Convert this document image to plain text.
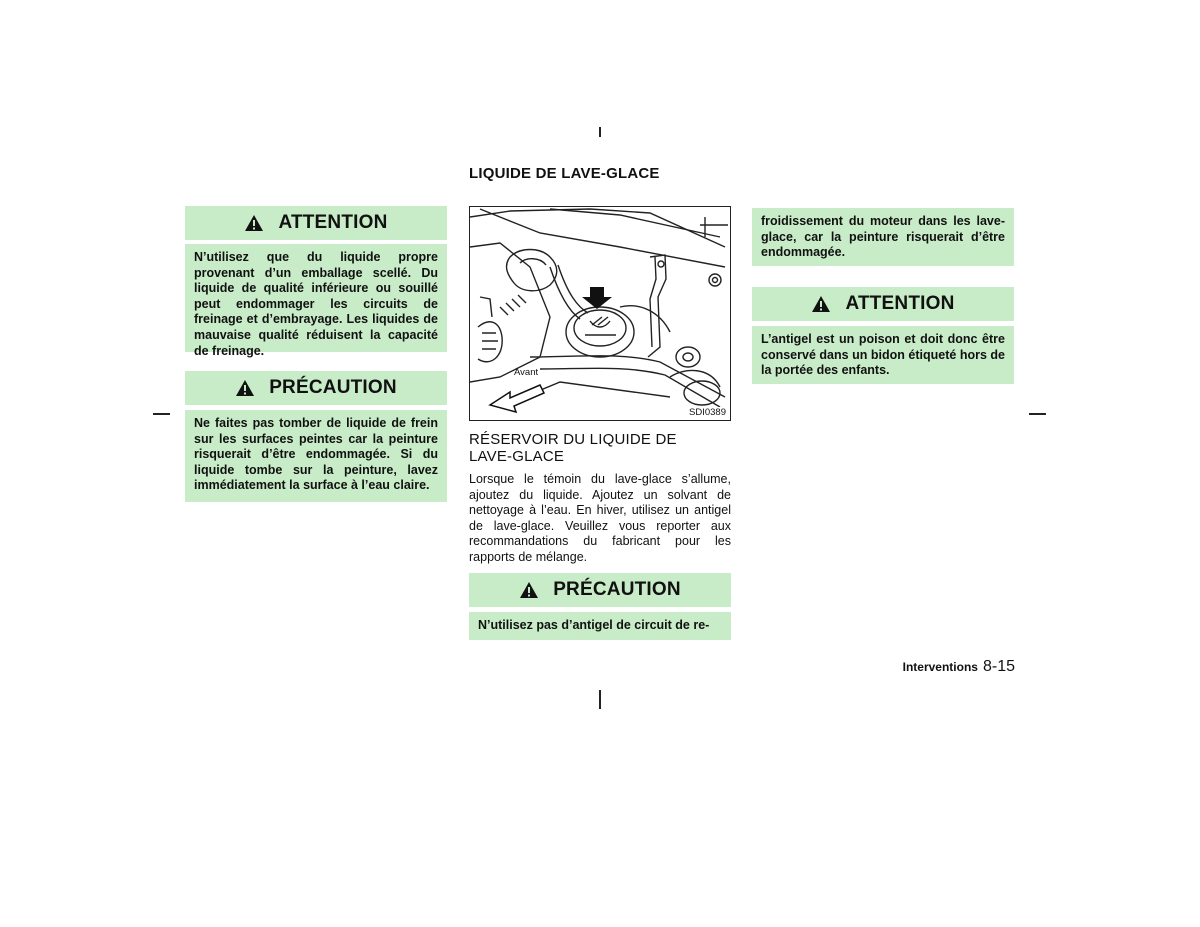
LIQUIDE DE LAVE-GLACE
ATTENTION
N’utilisez que du liquide propre provenant d’un emballage scellé. Du liquide de qualité inférieure ou souillé peut endommager les circuits de freinage et d’embrayage. Les liquides de mauvaise qualité réduisent la capacité de freinage.
PRÉCAUTION
Ne faites pas tomber de liquide de frein sur les surfaces peintes car la peinture risquerait d’être endommagée. Si du liquide tombe sur la peinture, lavez immédiatement la surface à l’eau claire.
Avant
SDI0389
RÉSERVOIR DU LIQUIDE DE
LAVE-GLACE
Lorsque le témoin du lave-glace s’allume, ajoutez du liquide. Ajoutez un solvant de nettoyage à l’eau. En hiver, utilisez un antigel de lave-glace. Veuillez vous reporter aux recommandations du fabricant pour les rapports de mélange.
PRÉCAUTION
N’utilisez pas d’antigel de circuit de re-
froidissement du moteur dans les lave-glace, car la peinture risquerait d’être endommagée.
ATTENTION
L’antigel est un poison et doit donc être conservé dans un bidon étiqueté hors de la portée des enfants.
Interventions 8-15
